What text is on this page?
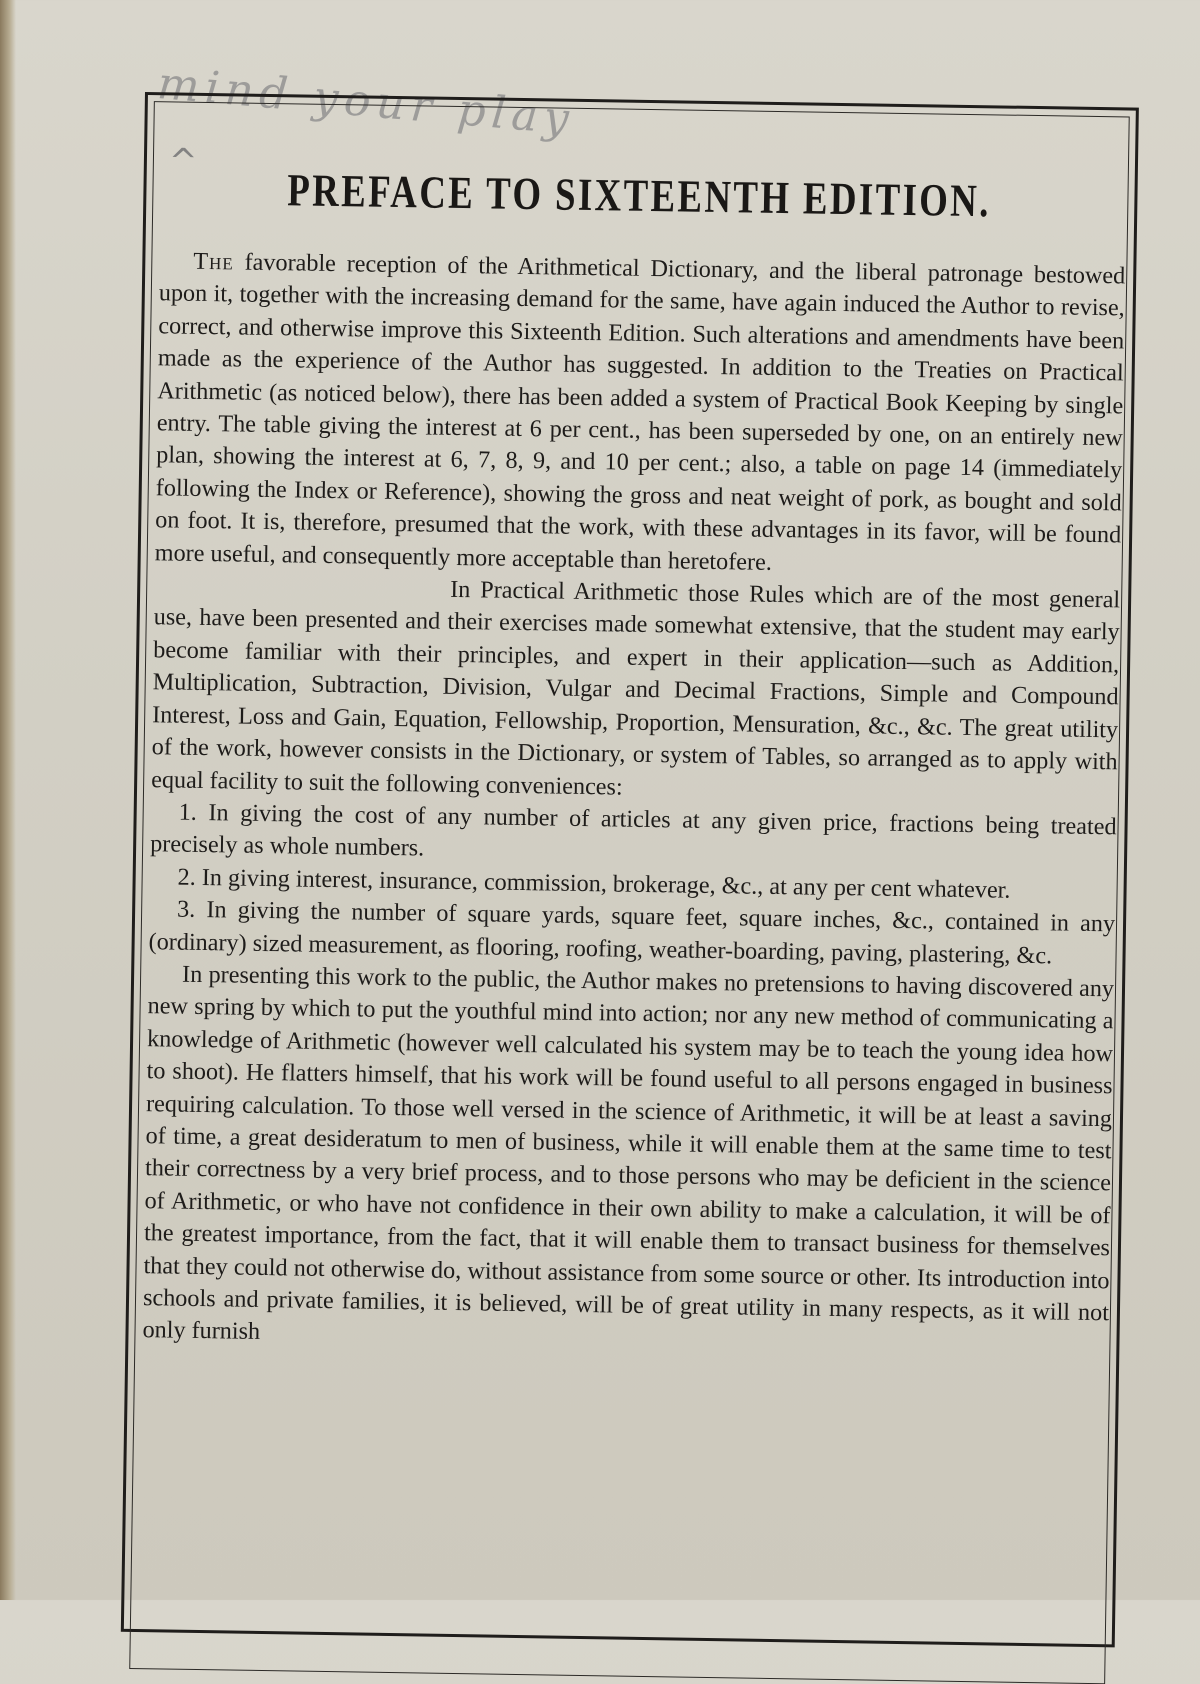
mind your play
^
PREFACE TO SIXTEENTH EDITION.

The favorable reception of the Arithmetical Dictionary, and the liberal patronage bestowed upon it, together with the increasing demand for the same, have again induced the Author to revise, correct, and otherwise improve this Sixteenth Edition. Such alterations and amendments have been made as the experience of the Author has suggested. In addition to the Treaties on Practical Arithmetic (as noticed below), there has been added a system of Practical Book Keeping by single entry. The table giving the interest at 6 per cent., has been superseded by one, on an entirely new plan, showing the interest at 6, 7, 8, 9, and 10 per cent.; also, a table on page 14 (immediately following the Index or Reference), showing the gross and neat weight of pork, as bought and sold on foot. It is, therefore, presumed that the work, with these advantages in its favor, will be found more useful, and consequently more acceptable than heretofere.

In Practical Arithmetic those Rules which are of the most general use, have been presented and their exercises made somewhat extensive, that the student may early become familiar with their principles, and expert in their application—such as Addition, Multiplication, Subtraction, Division, Vulgar and Decimal Fractions, Simple and Compound Interest, Loss and Gain, Equation, Fellowship, Proportion, Mensuration, &c., &c. The great utility of the work, however consists in the Dictionary, or system of Tables, so arranged as to apply with equal facility to suit the following conveniences:

1. In giving the cost of any number of articles at any given price, fractions being treated precisely as whole numbers.

2. In giving interest, insurance, commission, brokerage, &c., at any per cent whatever.

3. In giving the number of square yards, square feet, square inches, &c., contained in any (ordinary) sized measurement, as flooring, roofing, weather-boarding, paving, plastering, &c.

In presenting this work to the public, the Author makes no pretensions to having discovered any new spring by which to put the youthful mind into action; nor any new method of communicating a knowledge of Arithmetic (however well calculated his system may be to teach the young idea how to shoot). He flatters himself, that his work will be found useful to all persons engaged in business requiring calculation. To those well versed in the science of Arithmetic, it will be at least a saving of time, a great desideratum to men of business, while it will enable them at the same time to test their correctness by a very brief process, and to those persons who may be deficient in the science of Arithmetic, or who have not confidence in their own ability to make a calculation, it will be of the greatest importance, from the fact, that it will enable them to transact business for themselves that they could not otherwise do, without assistance from some source or other. Its introduction into schools and private families, it is believed, will be of great utility in many respects, as it will not only furnish
